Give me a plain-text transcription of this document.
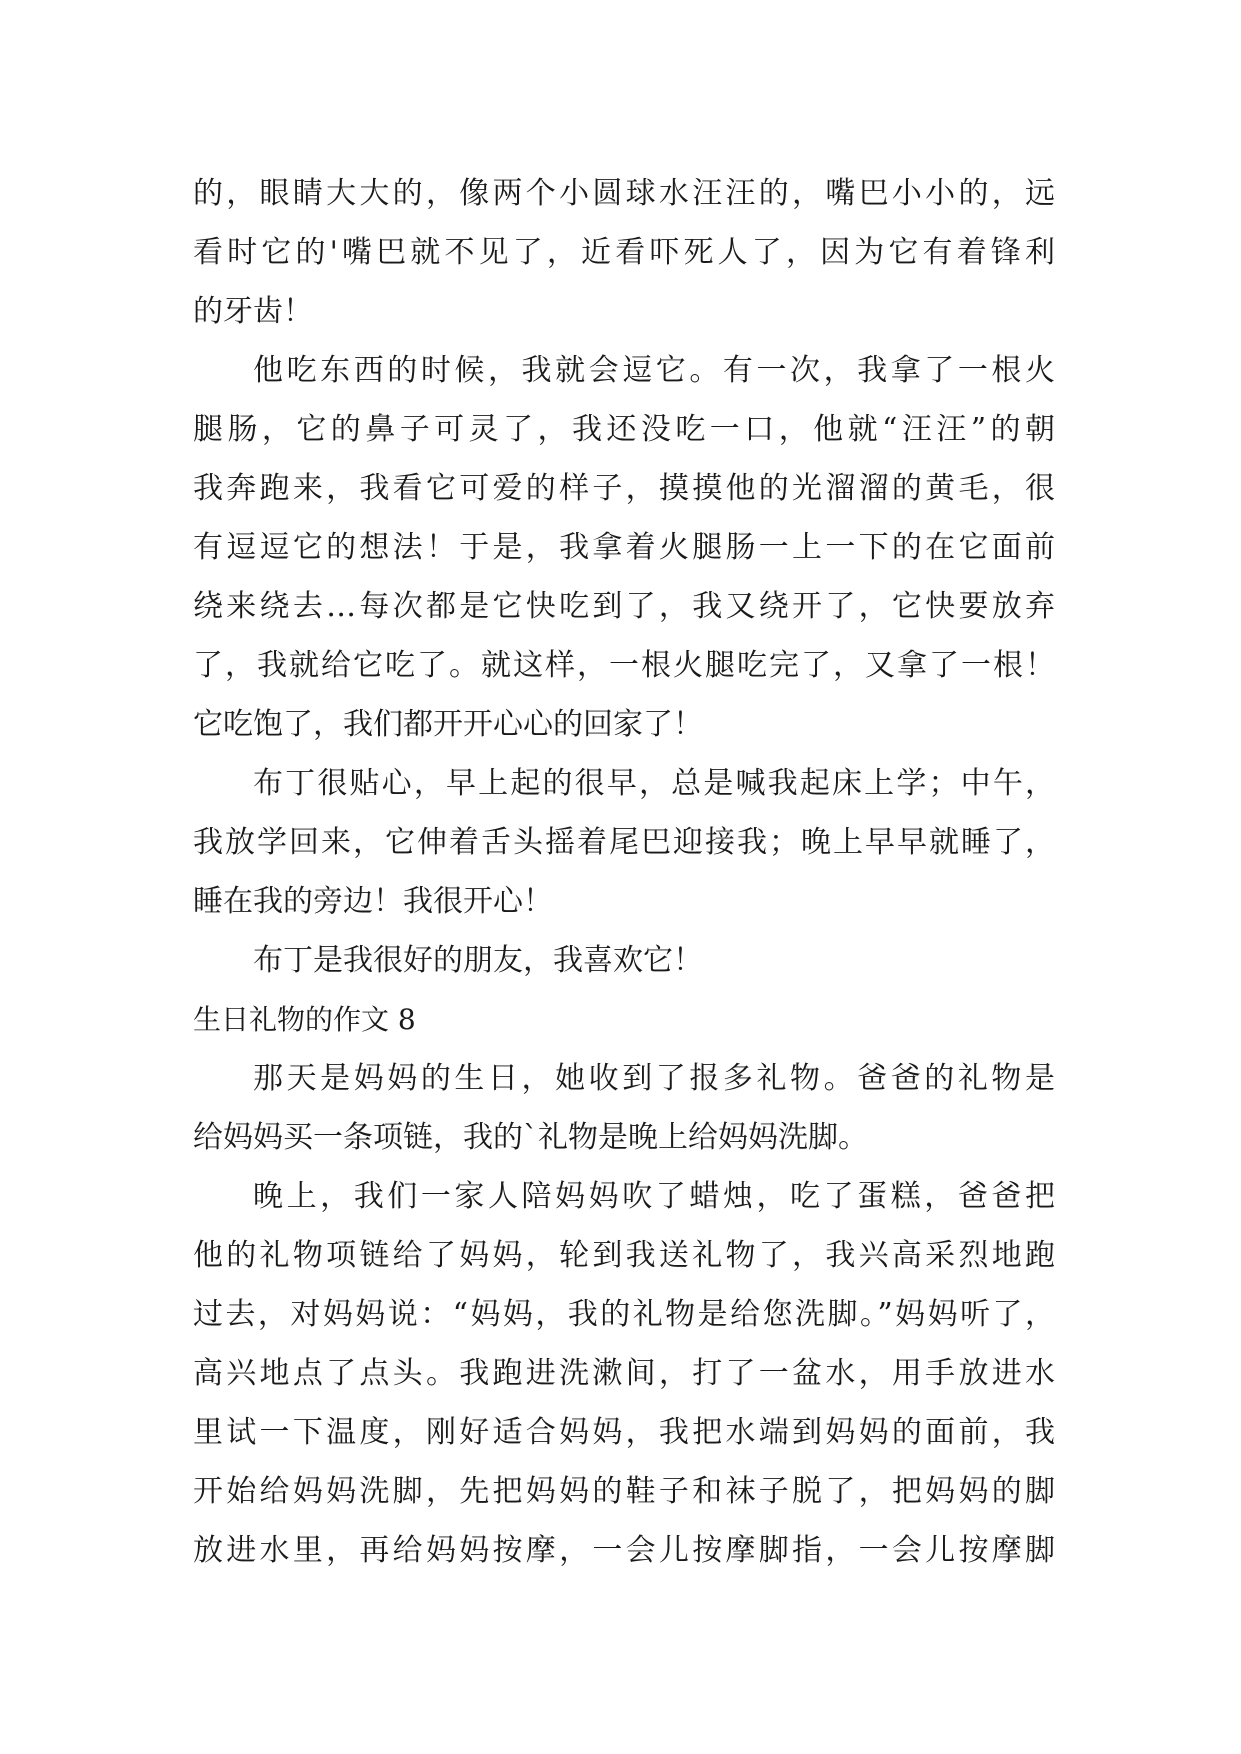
的，眼睛大大的，像两个小圆球水汪汪的，嘴巴小小的，远
看时它的'嘴巴就不见了，近看吓死人了，因为它有着锋利
的牙齿！
他吃东西的时候，我就会逗它。有一次，我拿了一根火
腿肠，它的鼻子可灵了，我还没吃一口，他就“汪汪”的朝
我奔跑来，我看它可爱的样子，摸摸他的光溜溜的黄毛，很
有逗逗它的想法！于是，我拿着火腿肠一上一下的在它面前
绕来绕去…每次都是它快吃到了，我又绕开了，它快要放弃
了，我就给它吃了。就这样，一根火腿吃完了，又拿了一根！
它吃饱了，我们都开开心心的回家了！
布丁很贴心，早上起的很早，总是喊我起床上学；中午，
我放学回来，它伸着舌头摇着尾巴迎接我；晚上早早就睡了，
睡在我的旁边！我很开心！
布丁是我很好的朋友，我喜欢它！
生日礼物的作文 8
那天是妈妈的生日，她收到了报多礼物。爸爸的礼物是
给妈妈买一条项链，我的`礼物是晚上给妈妈洗脚。
晚上，我们一家人陪妈妈吹了蜡烛，吃了蛋糕，爸爸把
他的礼物项链给了妈妈，轮到我送礼物了，我兴高采烈地跑
过去，对妈妈说：“妈妈，我的礼物是给您洗脚。”妈妈听了，
高兴地点了点头。我跑进洗漱间，打了一盆水，用手放进水
里试一下温度，刚好适合妈妈，我把水端到妈妈的面前，我
开始给妈妈洗脚，先把妈妈的鞋子和袜子脱了，把妈妈的脚
放进水里，再给妈妈按摩，一会儿按摩脚指，一会儿按摩脚
